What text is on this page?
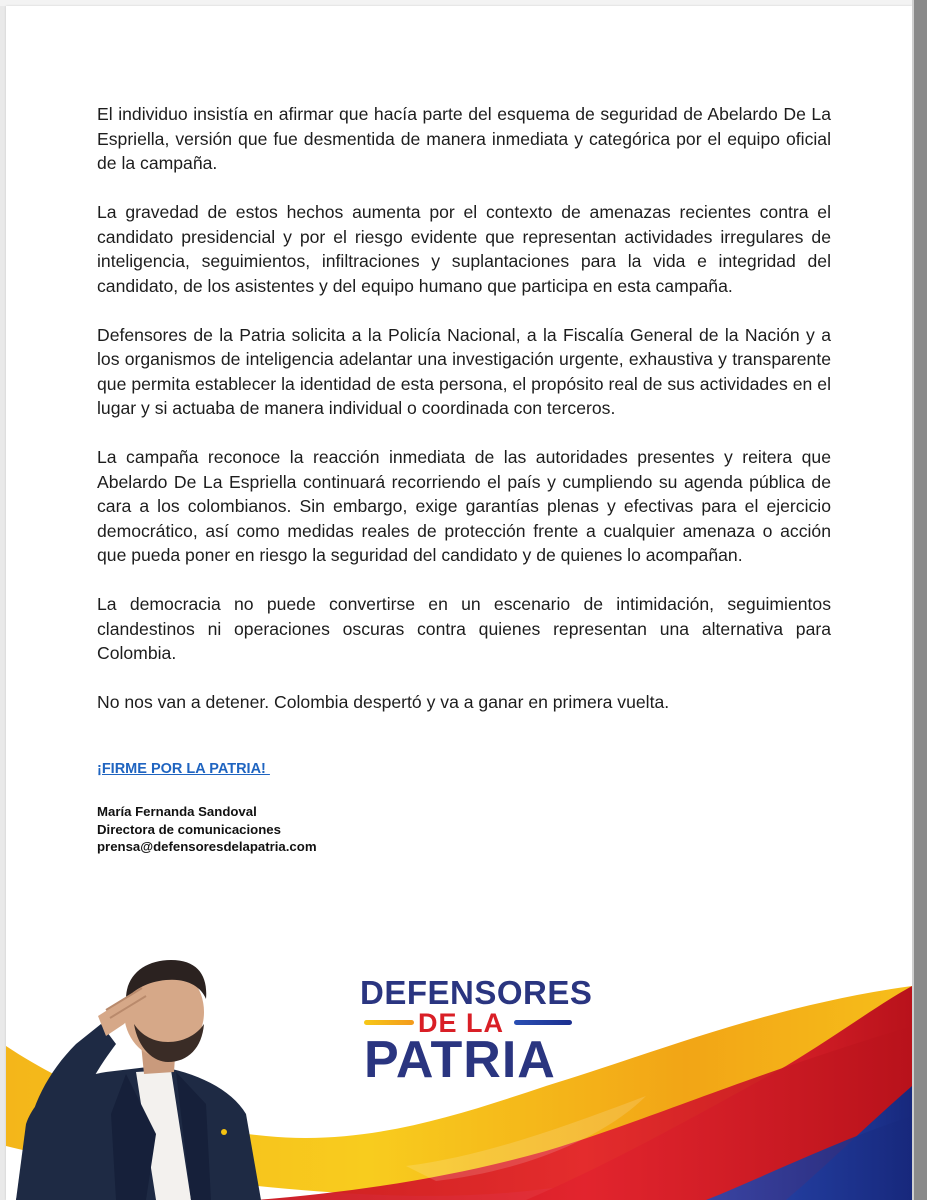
El individuo insistía en afirmar que hacía parte del esquema de seguridad de Abelardo De La Espriella, versión que fue desmentida de manera inmediata y categórica por el equipo oficial de la campaña.

La gravedad de estos hechos aumenta por el contexto de amenazas recientes contra el candidato presidencial y por el riesgo evidente que representan actividades irregulares de inteligencia, seguimientos, infiltraciones y suplantaciones para la vida e integridad del candidato, de los asistentes y del equipo humano que participa en esta campaña.

Defensores de la Patria solicita a la Policía Nacional, a la Fiscalía General de la Nación y a los organismos de inteligencia adelantar una investigación urgente, exhaustiva y transparente que permita establecer la identidad de esta persona, el propósito real de sus actividades en el lugar y si actuaba de manera individual o coordinada con terceros.

La campaña reconoce la reacción inmediata de las autoridades presentes y reitera que Abelardo De La Espriella continuará recorriendo el país y cumpliendo su agenda pública de cara a los colombianos. Sin embargo, exige garantías plenas y efectivas para el ejercicio democrático, así como medidas reales de protección frente a cualquier amenaza o acción que pueda poner en riesgo la seguridad del candidato y de quienes lo acompañan.

La democracia no puede convertirse en un escenario de intimidación, seguimientos clandestinos ni operaciones oscuras contra quienes representan una alternativa para Colombia.

No nos van a detener. Colombia despertó y va a ganar en primera vuelta.

¡FIRME POR LA PATRIA!
María Fernanda Sandoval
Directora de comunicaciones
prensa@defensoresdelapatria.com
DEFENSORES
DE LA
PATRIA
